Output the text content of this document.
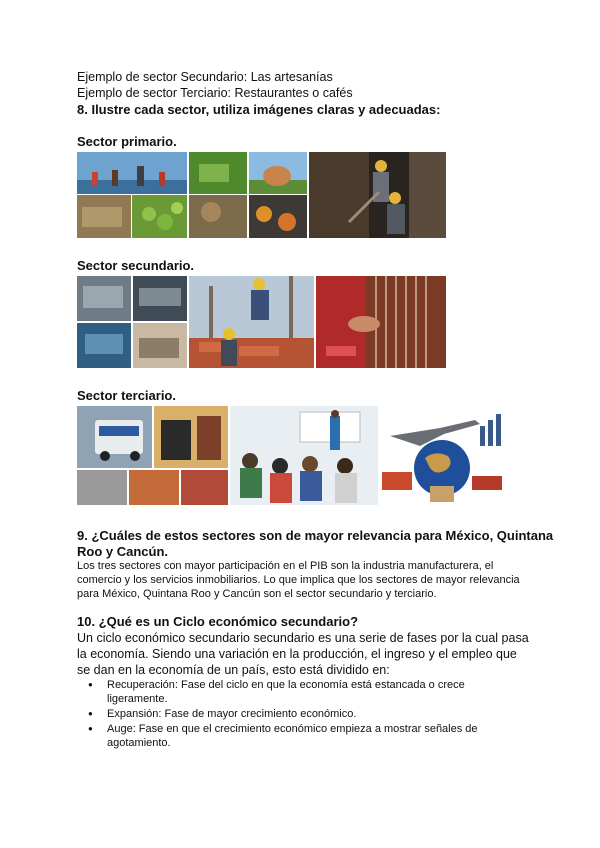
Ejemplo de sector Secundario: Las artesanías
Ejemplo de sector Terciario: Restaurantes o cafés
8. Ilustre cada sector, utiliza imágenes claras y adecuadas:
Sector primario.
Sector secundario.
Sector terciario.
9. ¿Cuáles de estos sectores son de mayor relevancia para México, Quintana
Roo y Cancún.
Los tres sectores con mayor participación en el PIB son la industria manufacturera, el comercio y los servicios inmobiliarios. Lo que implica que los sectores de mayor relevancia para México, Quintana Roo y Cancún son el sector secundario y terciario.
10. ¿Qué es un Ciclo económico secundario?
Un ciclo económico secundario secundario es una serie de fases por la cual pasa la economía. Siendo una variación en la producción, el ingreso y el empleo que se dan en la economía de un país, esto está dividido en:
● Recuperación: Fase del ciclo en que la economía está estancada o crece ligeramente.
● Expansión: Fase de mayor crecimiento económico.
● Auge: Fase en que el crecimiento económico empieza a mostrar señales de agotamiento.
